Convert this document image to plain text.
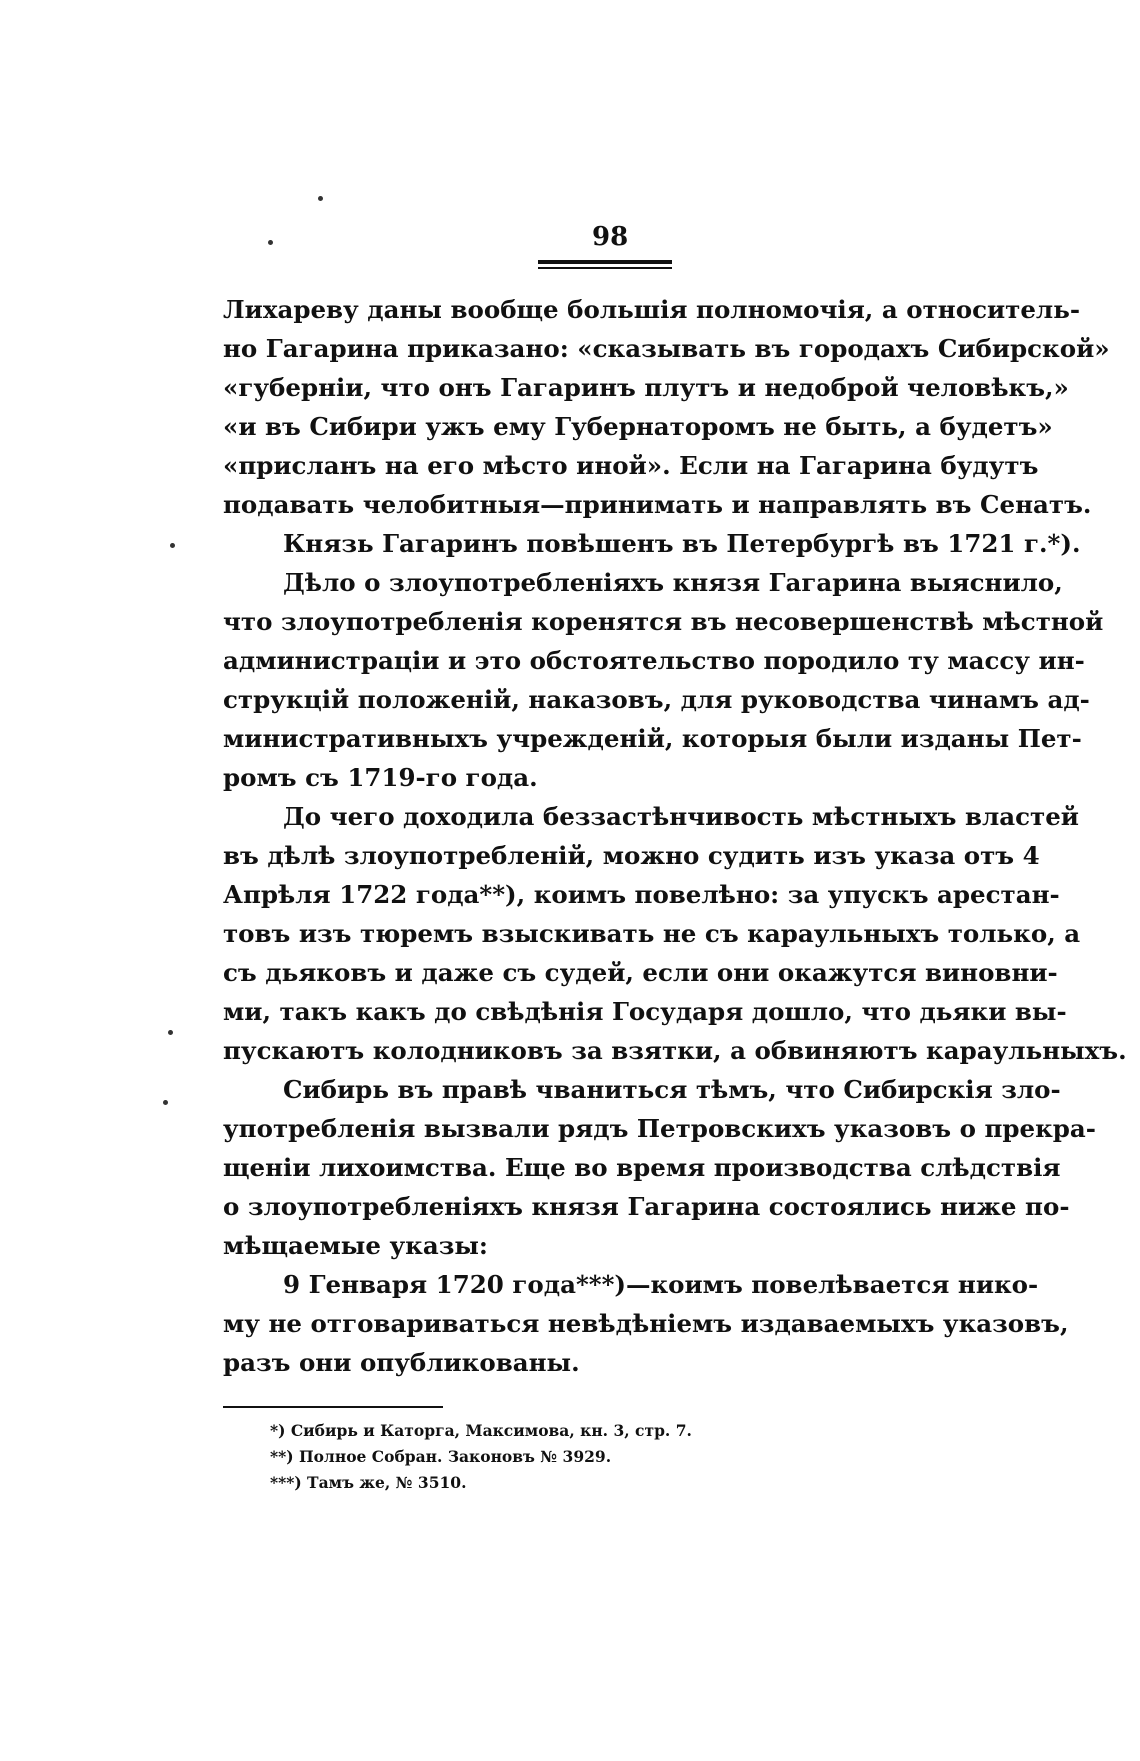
98

Лихареву даны вообще большія полномочія, а относитель-
но Гагарина приказано: «сказывать въ городахъ Сибирской»
«губерніи, что онъ Гагаринъ плутъ и недоброй человѣкъ,»
«и въ Сибири ужъ ему Губернаторомъ не быть, а будетъ»
«присланъ на его мѣсто иной». Если на Гагарина будутъ
подавать челобитныя—принимать и направлять въ Сенатъ.

Князь Гагаринъ повѣшенъ въ Петербургѣ въ 1721 г.*).

Дѣло о злоупотребленіяхъ князя Гагарина выяснило,
что злоупотребленія коренятся въ несовершенствѣ мѣстной
администраціи и это обстоятельство породило ту массу ин-
струкцій положеній, наказовъ, для руководства чинамъ ад-
министративныхъ учрежденій, которыя были изданы Пет-
ромъ съ 1719-го года.

До чего доходила беззастѣнчивость мѣстныхъ властей
въ дѣлѣ злоупотребленій, можно судить изъ указа отъ 4
Апрѣля 1722 года**), коимъ повелѣно: за упускъ арестан-
товъ изъ тюремъ взыскивать не съ караульныхъ только, а
съ дьяковъ и даже съ судей, если они окажутся виновни-
ми, такъ какъ до свѣдѣнія Государя дошло, что дьяки вы-
пускаютъ колодниковъ за взятки, а обвиняютъ караульныхъ.

Сибирь въ правѣ чваниться тѣмъ, что Сибирскія зло-
употребленія вызвали рядъ Петровскихъ указовъ о прекра-
щеніи лихоимства. Еще во время производства слѣдствія
о злоупотребленіяхъ князя Гагарина состоялись ниже по-
мѣщаемые указы:

9 Генваря 1720 года***)—коимъ повелѣвается нико-
му не отговариваться невѣдѣніемъ издаваемыхъ указовъ,
разъ они опубликованы.

*) Сибирь и Каторга, Максимова, кн. 3, стр. 7.
**) Полное Собран. Законовъ № 3929.
***) Тамъ же, № 3510.
